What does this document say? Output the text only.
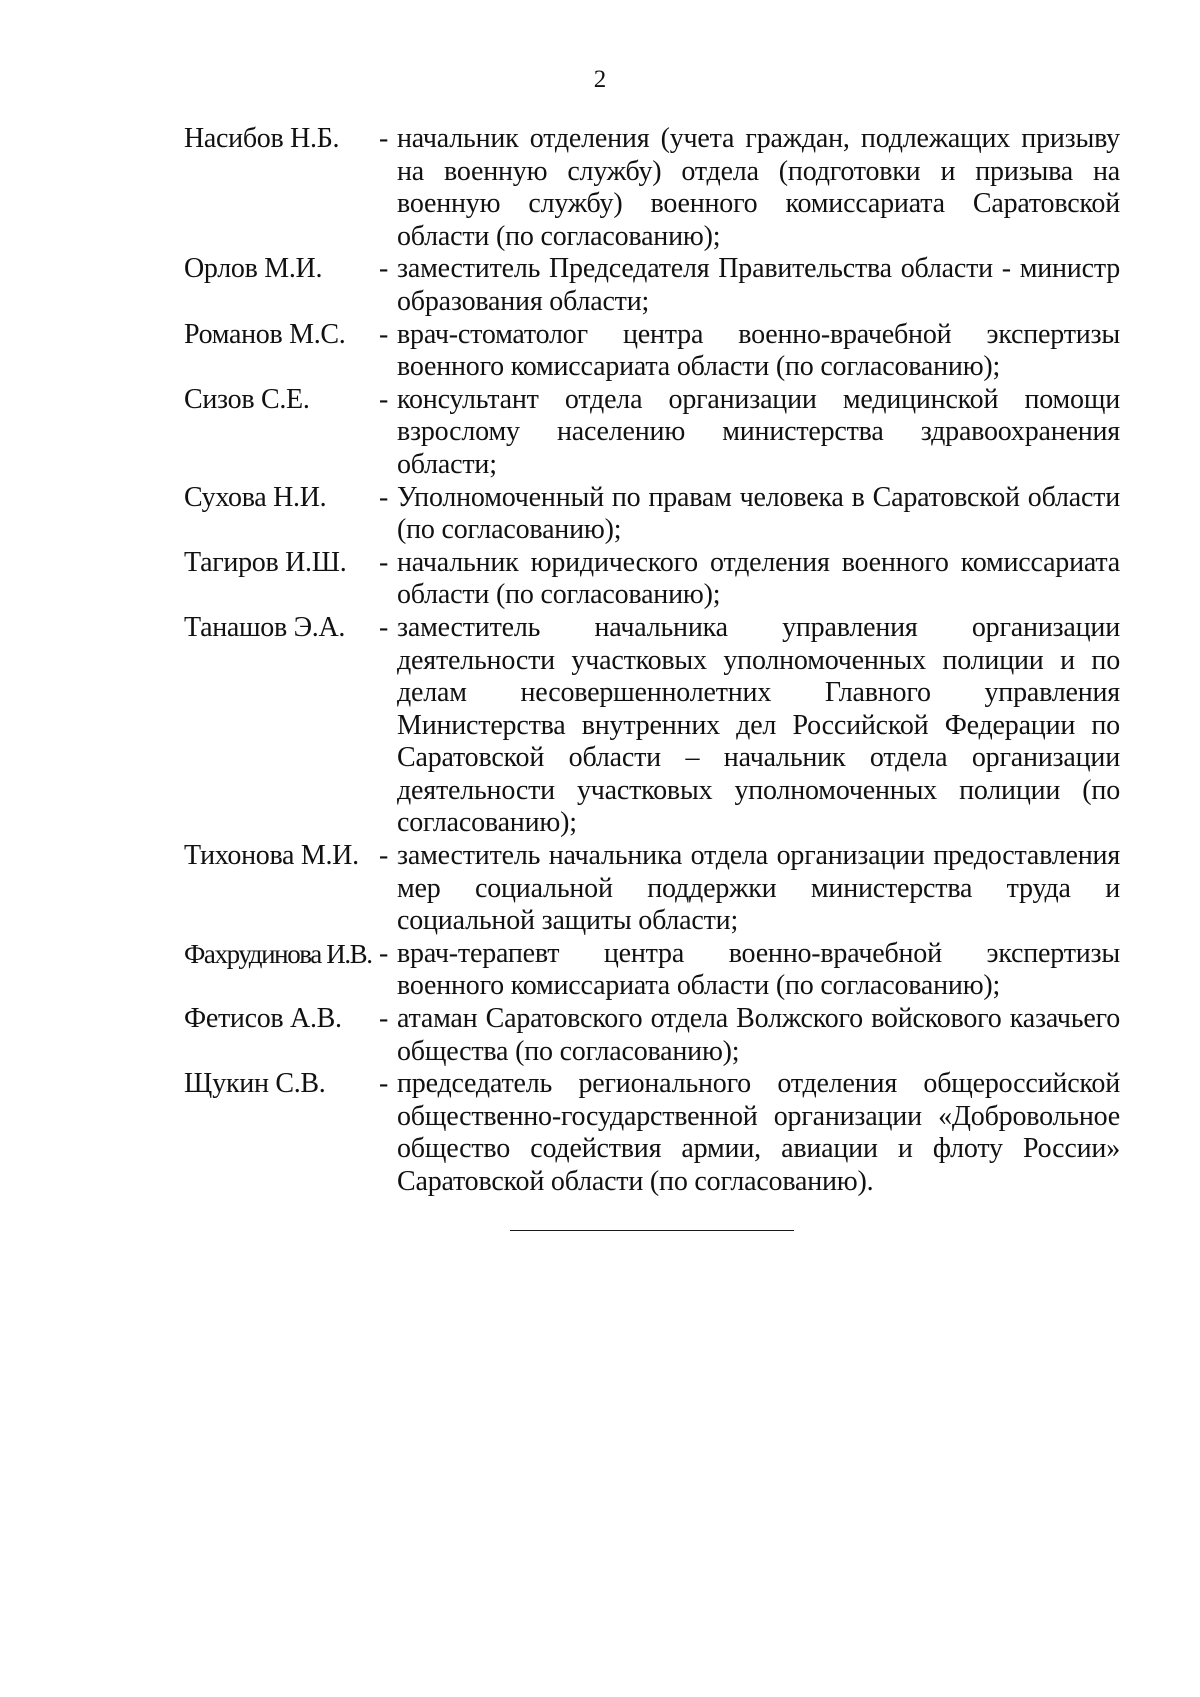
2
Насибов Н.Б.	- начальник отделения (учета граждан, подлежащих призыву на военную службу) отдела (подготовки и призыва на военную службу) военного комиссариата Саратовской области (по согласованию);
Орлов М.И.	- заместитель Председателя Правительства области - министр образования области;
Романов М.С.	- врач-стоматолог центра военно-врачебной экспертизы военного комиссариата области (по согласованию);
Сизов С.Е.	- консультант отдела организации медицинской помощи взрослому населению министерства здравоохранения области;
Сухова Н.И.	- Уполномоченный по правам человека в Саратовской области (по согласованию);
Тагиров И.Ш.	- начальник юридического отделения военного комиссариата области (по согласованию);
Танашов Э.А.	- заместитель начальника управления организации деятельности участковых уполномоченных полиции и по делам несовершеннолетних Главного управления Министерства внутренних дел Российской Федерации по Саратовской области – начальник отдела организации деятельности участковых уполномоченных полиции (по согласованию);
Тихонова М.И. - заместитель начальника отдела организации предоставления мер социальной поддержки министерства труда и социальной защиты области;
Фахрудинова И.В. - врач-терапевт центра военно-врачебной экспертизы военного комиссариата области (по согласованию);
Фетисов А.В.	- атаман Саратовского отдела Волжского войскового казачьего общества (по согласованию);
Щукин С.В.	- председатель регионального отделения общероссийской общественно-государственной организации «Добровольное общество содействия армии, авиации и флоту России» Саратовской области (по согласованию).
